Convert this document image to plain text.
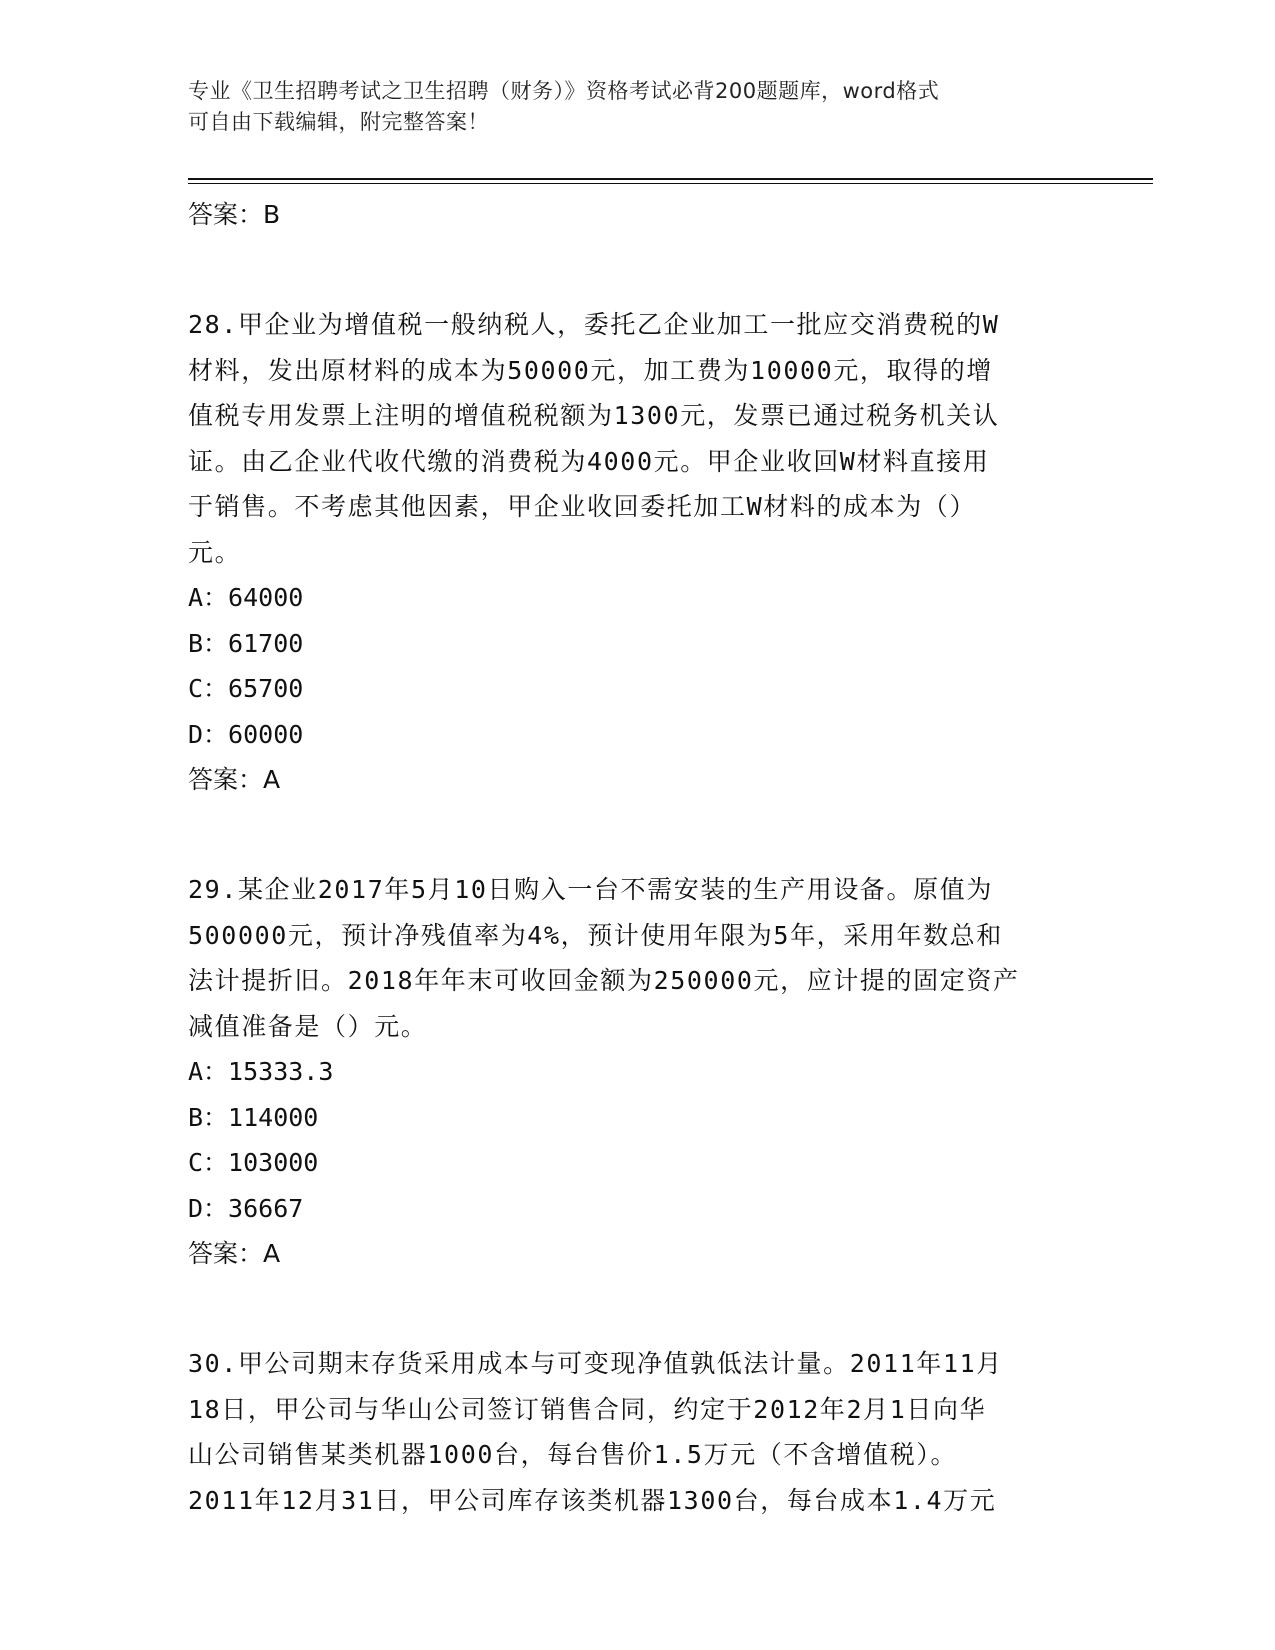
专业《卫生招聘考试之卫生招聘（财务）》资格考试必背200题题库，word格式
可自由下载编辑，附完整答案！
答案：B
28.甲企业为增值税一般纳税人，委托乙企业加工一批应交消费税的W
材料，发出原材料的成本为50000元，加工费为10000元，取得的增
值税专用发票上注明的增值税税额为1300元，发票已通过税务机关认
证。由乙企业代收代缴的消费税为4000元。甲企业收回W材料直接用
于销售。不考虑其他因素，甲企业收回委托加工W材料的成本为（）
元。
A：64000
B：61700
C：65700
D：60000
答案：A
29.某企业2017年5月10日购入一台不需安装的生产用设备。原值为
500000元，预计净残值率为4%，预计使用年限为5年，采用年数总和
法计提折旧。2018年年末可收回金额为250000元，应计提的固定资产
减值准备是（）元。
A：15333.3
B：114000
C：103000
D：36667
答案：A
30.甲公司期末存货采用成本与可变现净值孰低法计量。2011年11月
18日，甲公司与华山公司签订销售合同，约定于2012年2月1日向华
山公司销售某类机器1000台，每台售价1.5万元（不含增值税）。
2011年12月31日，甲公司库存该类机器1300台，每台成本1.4万元
